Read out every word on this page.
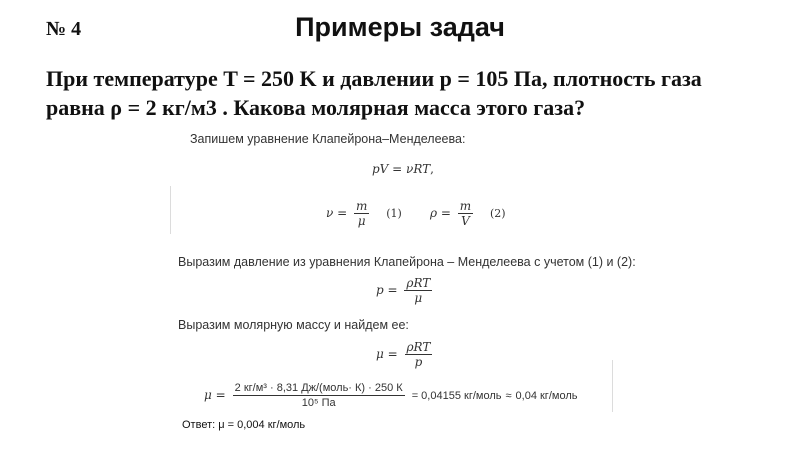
№ 4	Примеры задач
При температуре T = 250 K и давлении p = 105 Па, плотность газа
равна ρ = 2 кг/м3 . Какова молярная масса этого газа?
Запишем уравнение Клапейрона–Менделеева:
pV = νRT,
$\nu = \frac{m}{\mu} (1) \rho = \frac{m}{V} (2)$
Выразим давление из уравнения Клапейрона – Менделеева с учетом (1) и (2):
$p = \frac{\text{ρRT}}{\mu}$
Выразим молярную массу и найдем ее:
$\mu = \frac{\text{ρRT}}{p}$
$\mu = \frac{\text{2 кг/м³ · 8,31 Дж/(моль· К) · 250 К}}{\text{10⁵ Па}} = 0,04155$ кг/моль ≈ 0,04 кг/моль
Ответ: μ = 0,004 кг/моль
